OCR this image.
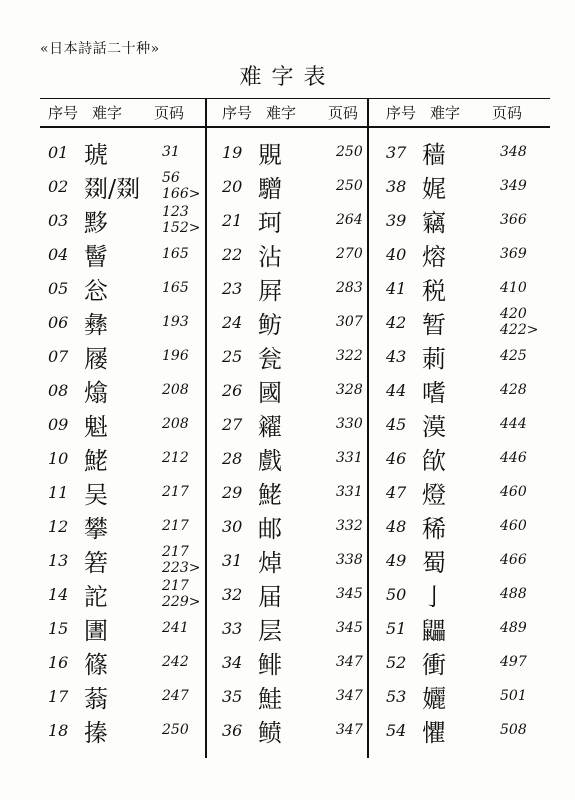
«日本詩話二十种»
难字表
序号 难字	页码	序号 难字	页码 序号 难字	页码
01 琥	31
02 剟/剟	56 166>
03 黟	123 152>
04 鬙	165
05 忩	165
06 彝	193
07 屦	196
08 熻	208
09 魁	208
10 鮱	212
11 吴	217
12 攀	217
13 箬	217 223>
14 詑	217 229>
15 圕	241
16 篠	242
17 蓊	247
18 搸	250
19 覞	250
20 驓	250
21 珂	264
22 沾	270
23 屛	283
24 鲂	307
25 瓮	322
26 國	328
27 糴	330
28 戲	331
29 鮱	331
30 邮	332
31 焯	338
32 届	345
33 层	345
34 鲱	347
35 鮭	347
36 鲼	347
37 穑	348
38 娓	349
39 竊	366
40 熔	369
41 税	410
42 暂	420 422>
43 莿	425
44 嗜	428
45 漠	444
46 欿	446
47 燈	460
48 稀	460
49 蜀	466
50 亅	488
51 鼺	489
52 衝	497
53 孋	501
54 懼	508
